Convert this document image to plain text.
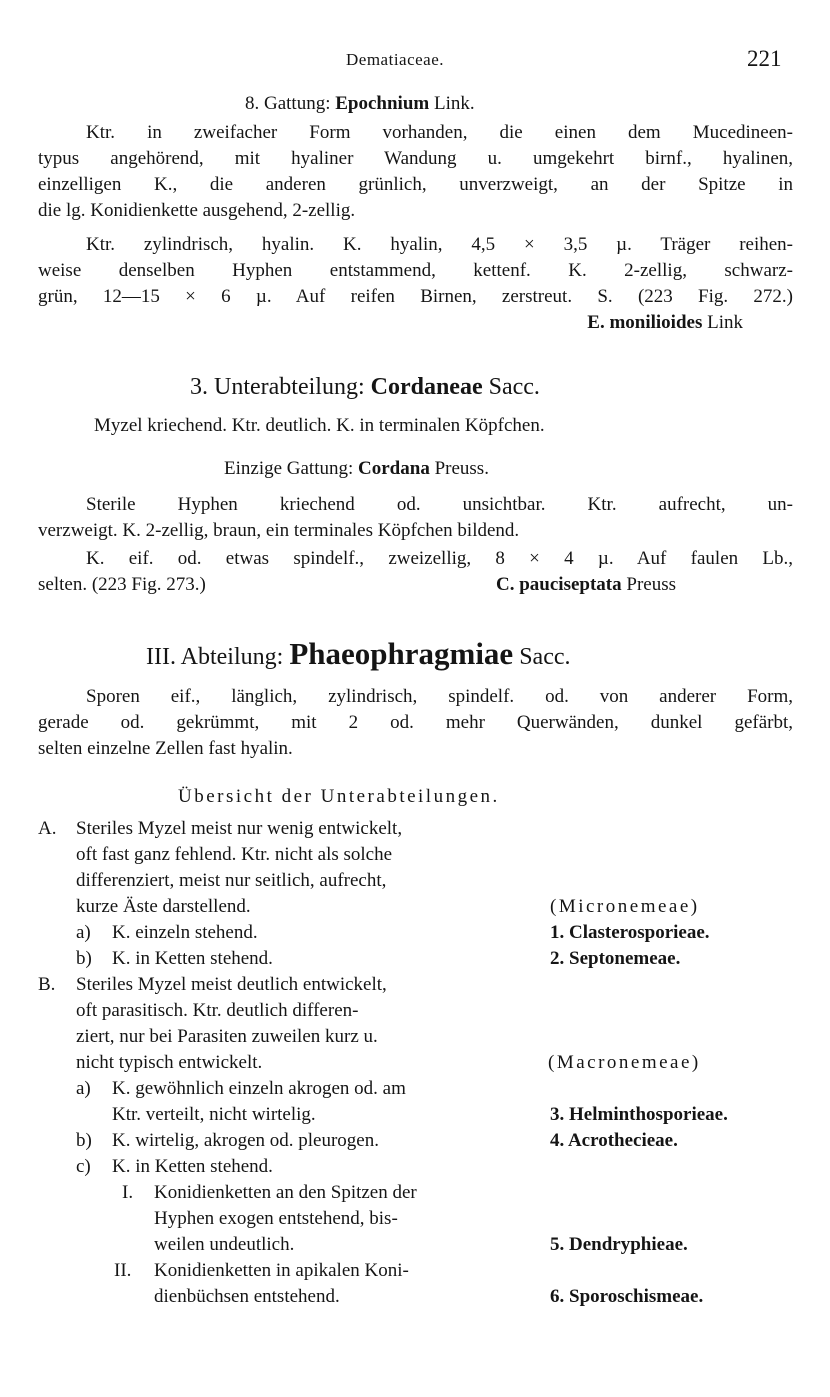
Dematiaceae.	221
8. Gattung: Epochnium Link.

Ktr. in zweifacher Form vorhanden, die einen dem Mucedineen-

typus angehörend, mit hyaliner Wandung u. umgekehrt birnf., hyalinen,

einzelligen K., die anderen grünlich, unverzweigt, an der Spitze in

die lg. Konidienkette ausgehend, 2-zellig.

Ktr. zylindrisch, hyalin. K. hyalin, 4,5 × 3,5 µ. Träger reihen-

weise denselben Hyphen entstammend, kettenf. K. 2-zellig, schwarz-

grün, 12—15 × 6 µ. Auf reifen Birnen, zerstreut. S. (223 Fig. 272.)

E. monilioides Link
3. Unterabteilung: Cordaneae Sacc.

Myzel kriechend. Ktr. deutlich. K. in terminalen Köpfchen.

Einzige Gattung: Cordana Preuss.

Sterile Hyphen kriechend od. unsichtbar. Ktr. aufrecht, un-

verzweigt. K. 2-zellig, braun, ein terminales Köpfchen bildend.

K. eif. od. etwas spindelf., zweizellig, 8 × 4 µ. Auf faulen Lb.,

selten. (223 Fig. 273.)	C. pauciseptata Preuss
III. Abteilung: Phaeophragmiae Sacc.

Sporen eif., länglich, zylindrisch, spindelf. od. von anderer Form,

gerade od. gekrümmt, mit 2 od. mehr Querwänden, dunkel gefärbt,

selten einzelne Zellen fast hyalin.

Übersicht der Unterabteilungen.
A. Steriles Myzel meist nur wenig entwickelt,

oft fast ganz fehlend. Ktr. nicht als solche

differenziert, meist nur seitlich, aufrecht,

kurze Äste darstellend.	(Micronemeae)
a) K. einzeln stehend.	1. Clasterosporieae.
b) K. in Ketten stehend.	2. Septonemeae.
B. Steriles Myzel meist deutlich entwickelt,

oft parasitisch. Ktr. deutlich differen-

ziert, nur bei Parasiten zuweilen kurz u.

nicht typisch entwickelt.	(Macronemeae)
a) K. gewöhnlich einzeln akrogen od. am

Ktr. verteilt, nicht wirtelig.	3. Helminthosporieae.
b) K. wirtelig, akrogen od. pleurogen.	4. Acrothecieae.
c) K. in Ketten stehend.

I. Konidienketten an den Spitzen der

Hyphen exogen entstehend, bis-

weilen undeutlich.	5. Dendryphieae.
II. Konidienketten in apikalen Koni-

dienbüchsen entstehend.	6. Sporoschismeae.
